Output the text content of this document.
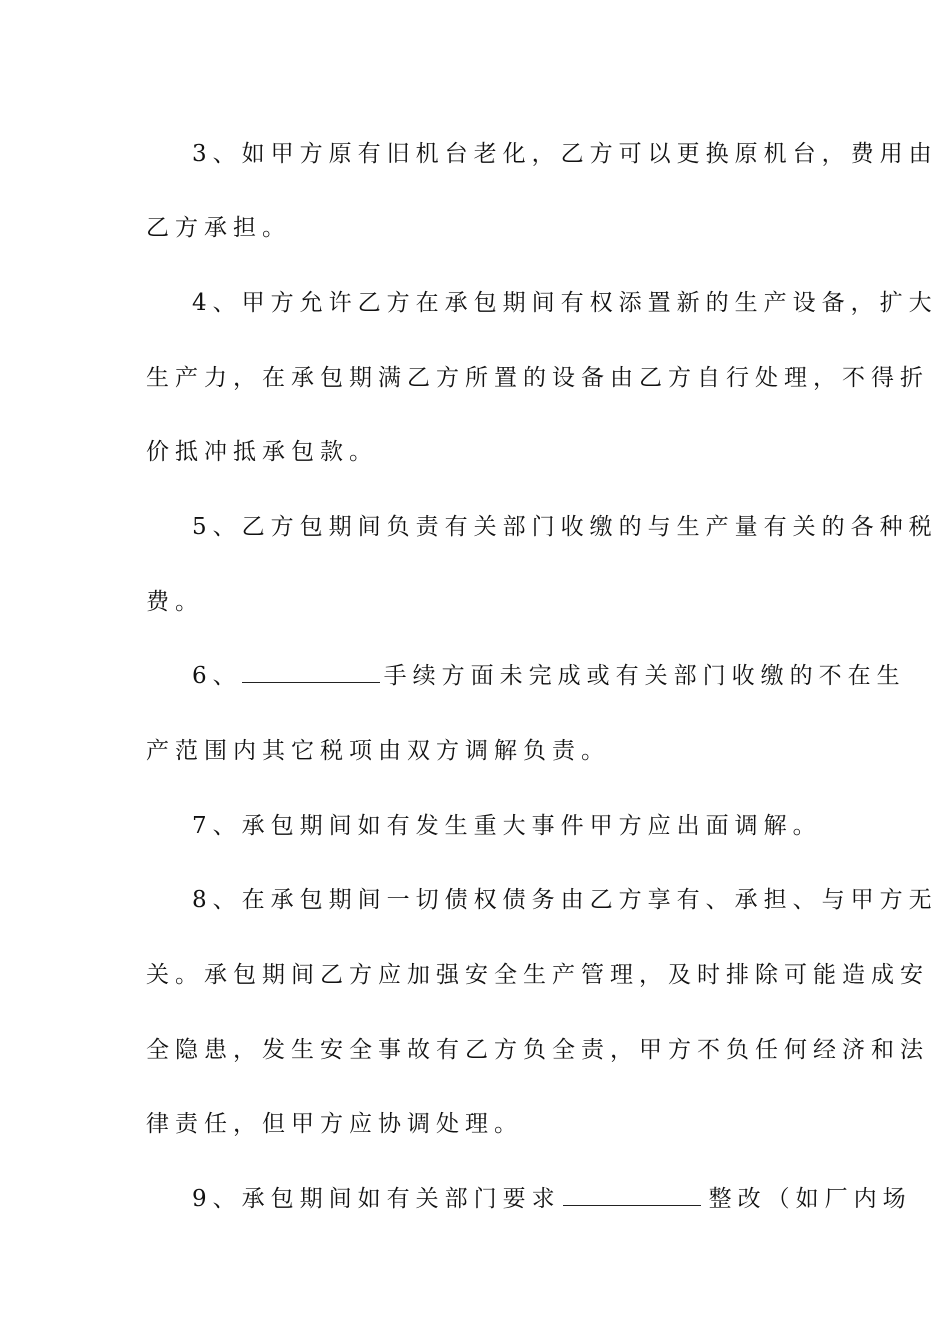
3、如甲方原有旧机台老化，乙方可以更换原机台，费用由
乙方承担。
4、甲方允许乙方在承包期间有权添置新的生产设备，扩大
生产力，在承包期满乙方所置的设备由乙方自行处理，不得折
价抵冲抵承包款。
5、乙方包期间负责有关部门收缴的与生产量有关的各种税
费。
6、	手续方面未完成或有关部门收缴的不在生
产范围内其它税项由双方调解负责。
7、承包期间如有发生重大事件甲方应出面调解。
8、在承包期间一切债权债务由乙方享有、承担、与甲方无
关。承包期间乙方应加强安全生产管理，及时排除可能造成安
全隐患，发生安全事故有乙方负全责，甲方不负任何经济和法
律责任，但甲方应协调处理。
9、承包期间如有关部门要求	整改（如厂内场
